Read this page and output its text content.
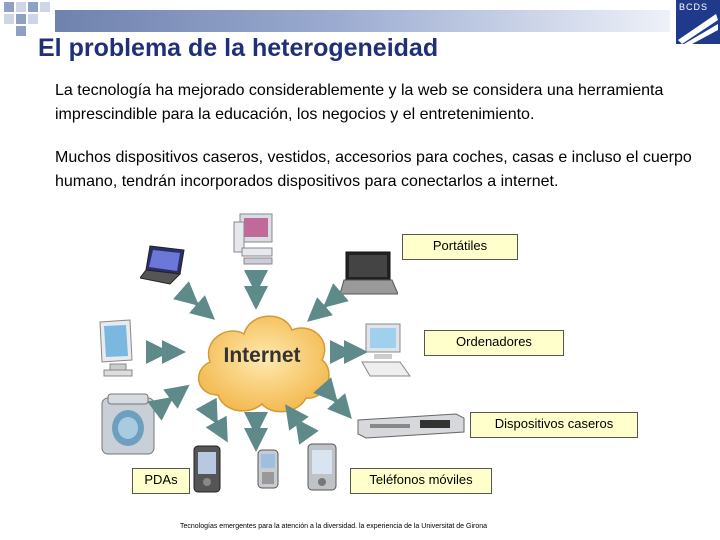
BCDS
El problema de la heterogeneidad

La tecnología ha mejorado considerablemente y la web se considera una herramienta imprescindible para la educación, los negocios y el entretenimiento.

Muchos dispositivos caseros, vestidos, accesorios para coches, casas e incluso el cuerpo humano, tendrán incorporados dispositivos para conectarlos a internet.

Internet
Portátiles
Ordenadores
Dispositivos caseros
PDAs	Teléfonos móviles
Tecnologías emergentes para la atención a la diversidad. la experiencia de la Universitat de Girona
